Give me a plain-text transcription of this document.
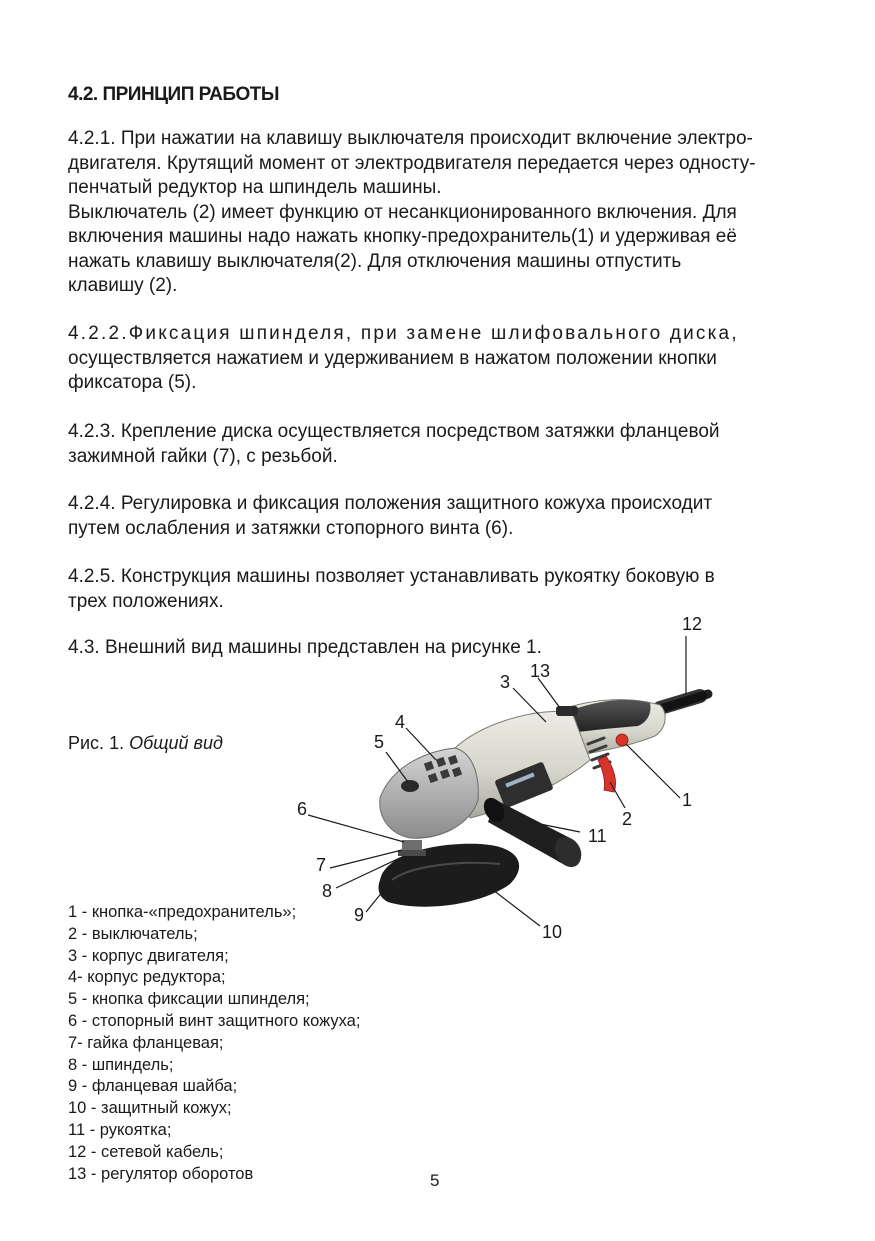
4.2. ПРИНЦИП РАБОТЫ
4.2.1. При нажатии на клавишу выключателя происходит включение электро-
двигателя. Крутящий момент от электродвигателя передается через односту-
пенчатый редуктор на шпиндель машины.
Выключатель (2) имеет функцию от несанкционированного включения. Для
включения машины надо нажать кнопку-предохранитель(1) и удерживая её
нажать клавишу выключателя(2). Для отключения машины отпустить
клавишу (2).
4.2.2.Фиксация шпинделя, при замене шлифовального диска,
осуществляется нажатием и удерживанием в нажатом положении кнопки
фиксатора (5).
4.2.3. Крепление диска осуществляется посредством затяжки фланцевой
зажимной гайки (7), с резьбой.
4.2.4. Регулировка и фиксация положения защитного кожуха происходит
путем ослабления и затяжки стопорного винта (6).
4.2.5. Конструкция машины позволяет устанавливать рукоятку боковую в
трех положениях.
4.3. Внешний вид машины представлен на рисунке 1.
Рис. 1. Общий вид
12
13
3
4
5
6
7
8
9
10
11
2
1
1 - кнопка-«предохранитель»;
2 - выключатель;
3 - корпус двигателя;
4- корпус редуктора;
5 - кнопка фиксации шпинделя;
6 - стопорный винт защитного кожуха;
7- гайка фланцевая;
8 - шпиндель;
9 - фланцевая шайба;
10 - защитный кожух;
11 - рукоятка;
12 - сетевой кабель;
13 - регулятор оборотов	5
